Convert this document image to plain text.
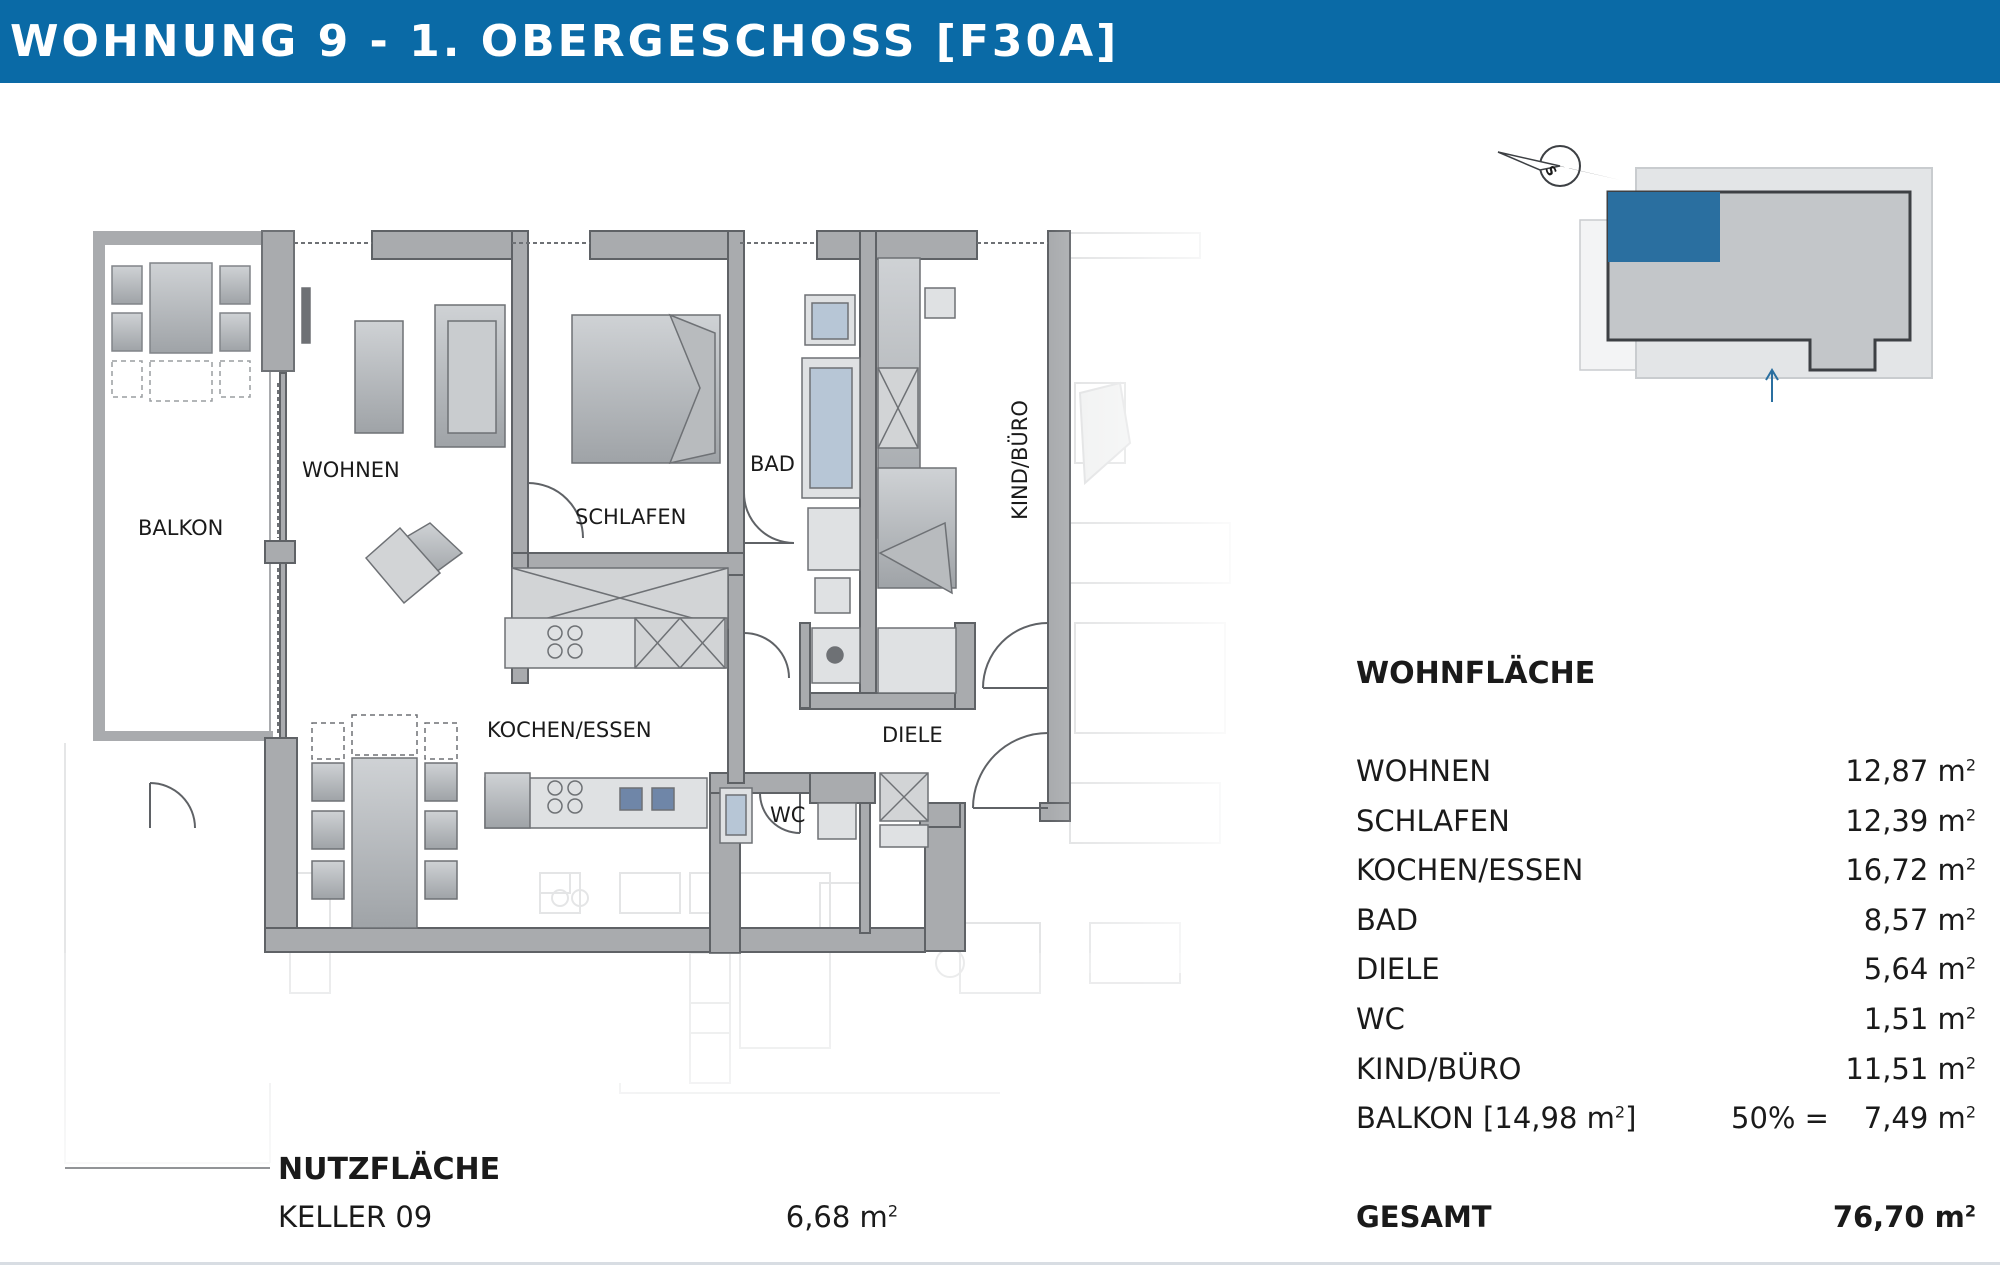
WOHNUNG 9 - 1. OBERGESCHOSS [F30A]
BALKON
WOHNEN
SCHLAFEN
BAD	KIND/BÜRO
KOCHEN/ESSEN	DIELE
WC
S
N
NUTZFLÄCHE
KELLER 09	6,68 $m^2$
WOHNFLÄCHE
WOHNEN	12,87 $m^2$
SCHLAFEN	12,39 $m^2$
KOCHEN/ESSEN	16,72 $m^2$
BAD	8,57 $m^2$
DIELE	5,64 $m^2$
WC	1,51 $m^2$
KIND/BÜRO	11,51 $m^2$
BALKON [14,98 $m^2$]	50% = 7,49 $m^2$
GESAMT	76,70 $m^2$
